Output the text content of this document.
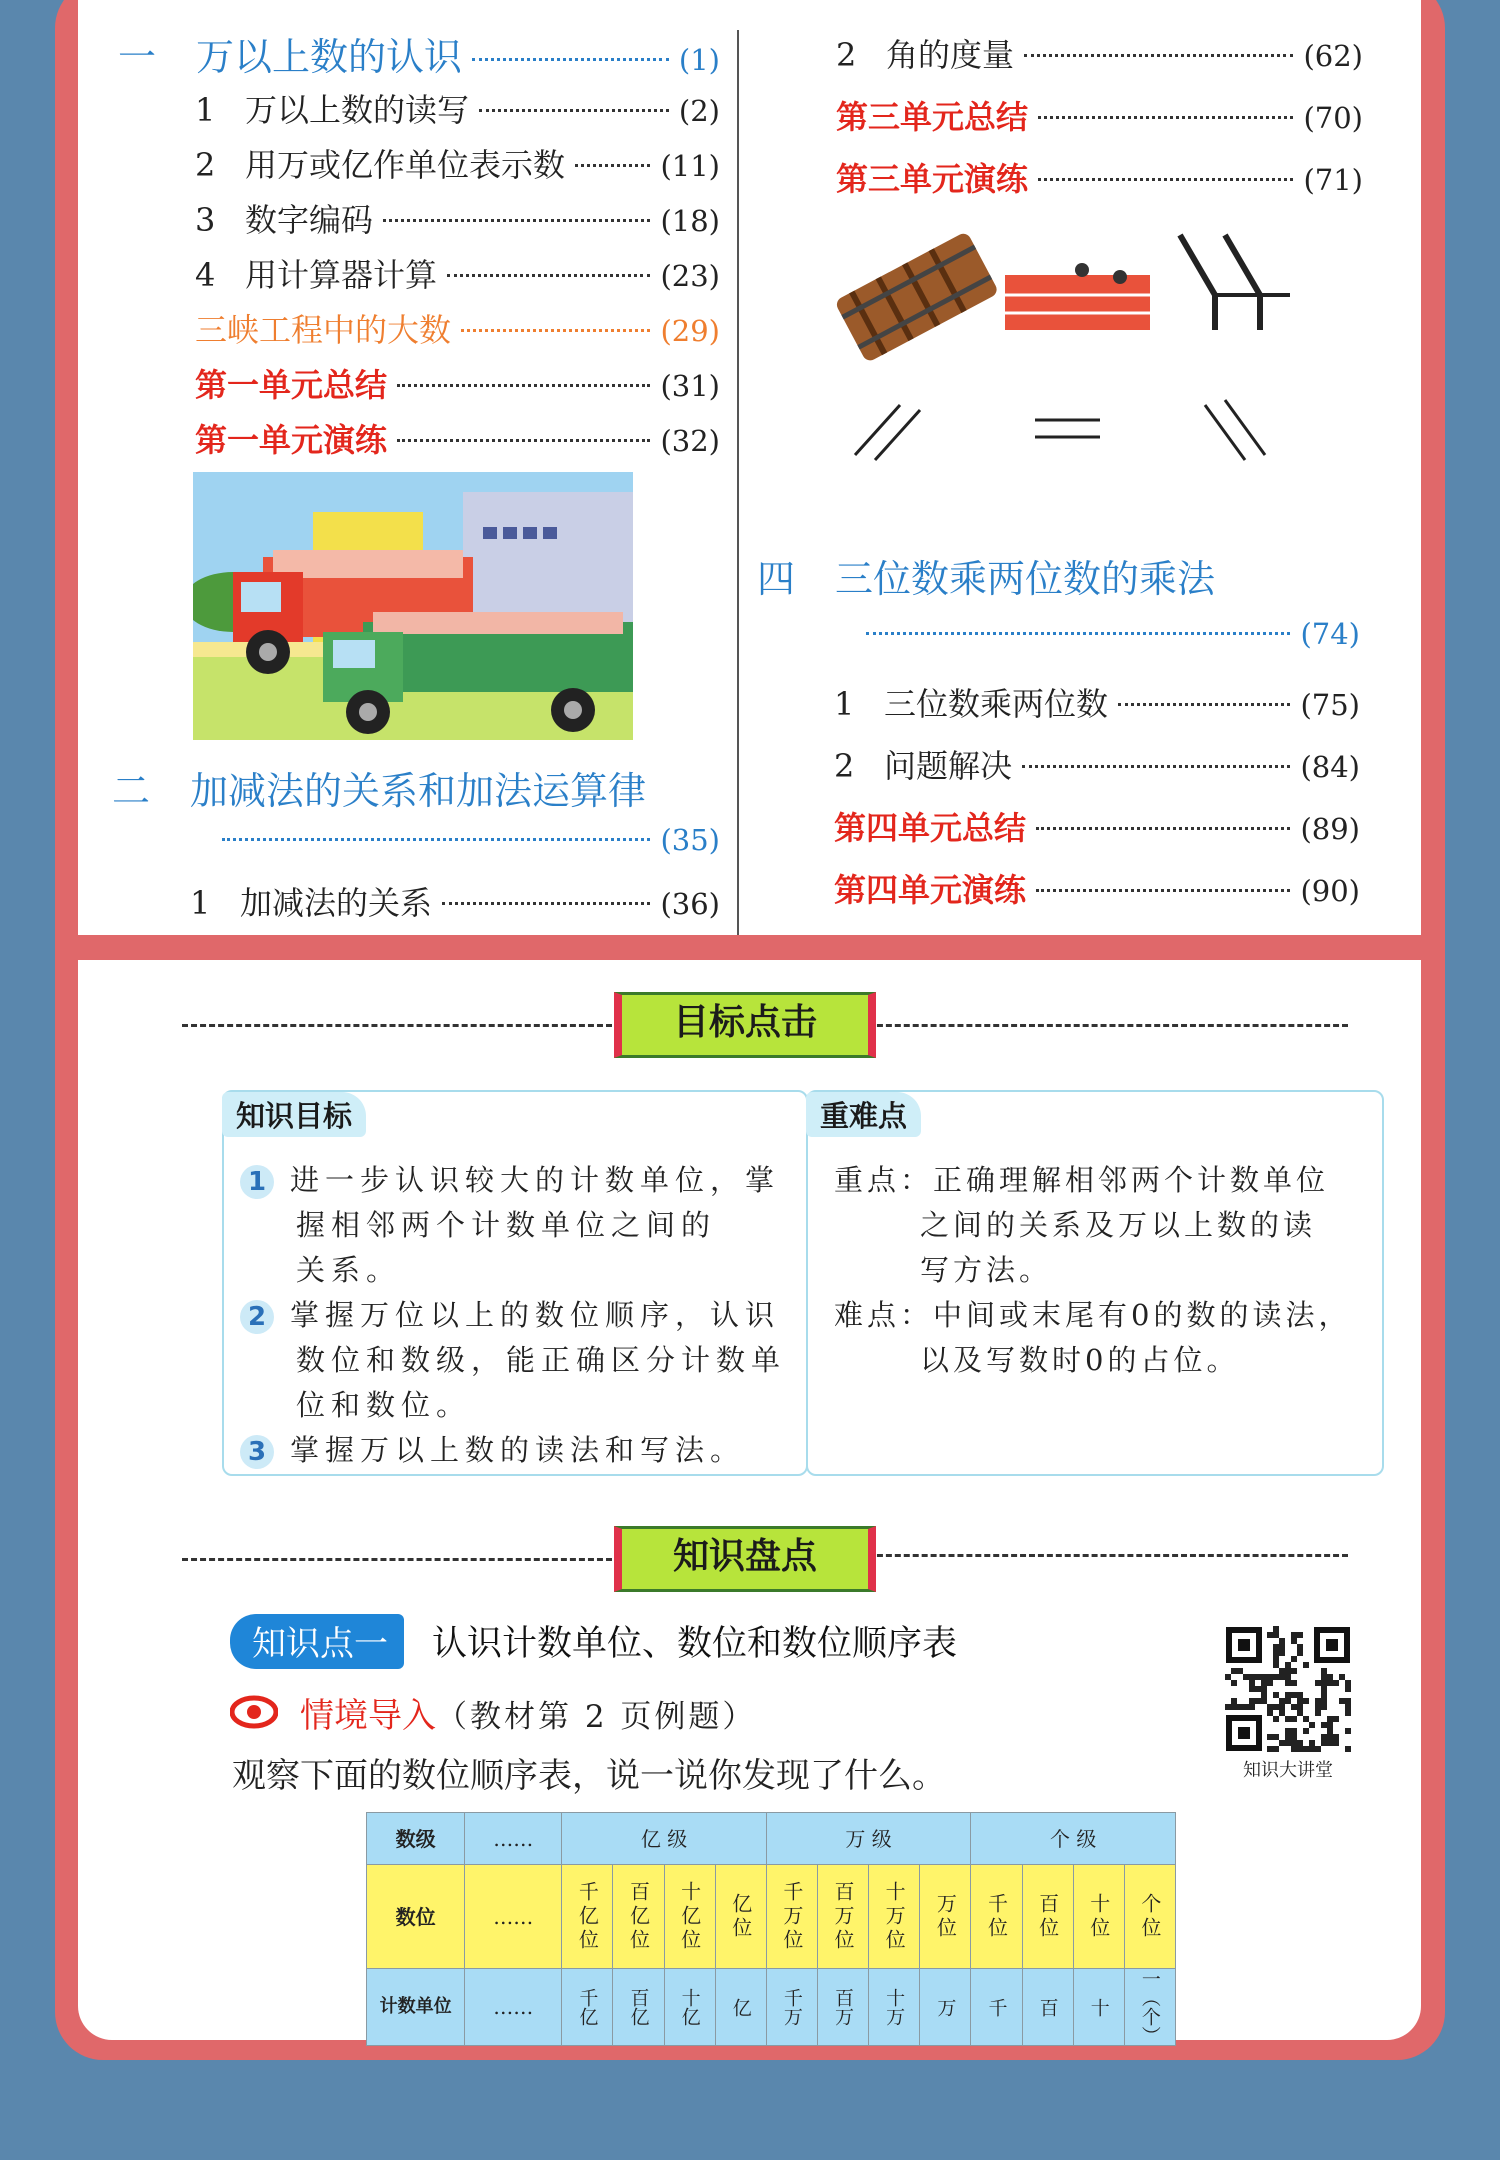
一	万以上数的认识	(1)
1 万以上数的读写	(2)
2 用万或亿作单位表示数	(11)
3 数字编码	(18)
4 用计算器计算	(23)
三峡工程中的大数	(29)
第一单元总结	(31)
第一单元演练	(32)
二	加减法的关系和加法运算律
(35)
1 加减法的关系	(36)
2 角的度量	(62)
第三单元总结	(70)
第三单元演练	(71)
四	三位数乘两位数的乘法
(74)
1 三位数乘两位数	(75)
2 问题解决	(84)
第四单元总结	(89)
第四单元演练	(90)
目标点击
知识目标
1 进一步认识较大的计数单位，掌
握相邻两个计数单位之间的
关系。
2 掌握万位以上的数位顺序，认识
数位和数级，能正确区分计数单
位和数位。
3 掌握万以上数的读法和写法。
重难点
重点：正确理解相邻两个计数单位
之间的关系及万以上数的读
写方法。
难点：中间或末尾有0的数的读法，
以及写数时0的占位。
知识盘点
知识点一	认识计数单位、数位和数位顺序表
情境导入（教材第 2 页例题）
观察下面的数位顺序表，说一说你发现了什么。	知识大讲堂
数级	……	亿 级				万 级				个 级			
数位	……	千亿位	百亿位	十亿位	亿位	千万位	百万位	十万位	万位	千位	百位	十位	个位
计数单位	……	千亿	百亿	十亿	亿	千万	百万	十万	万	千	百	十	一（个）
